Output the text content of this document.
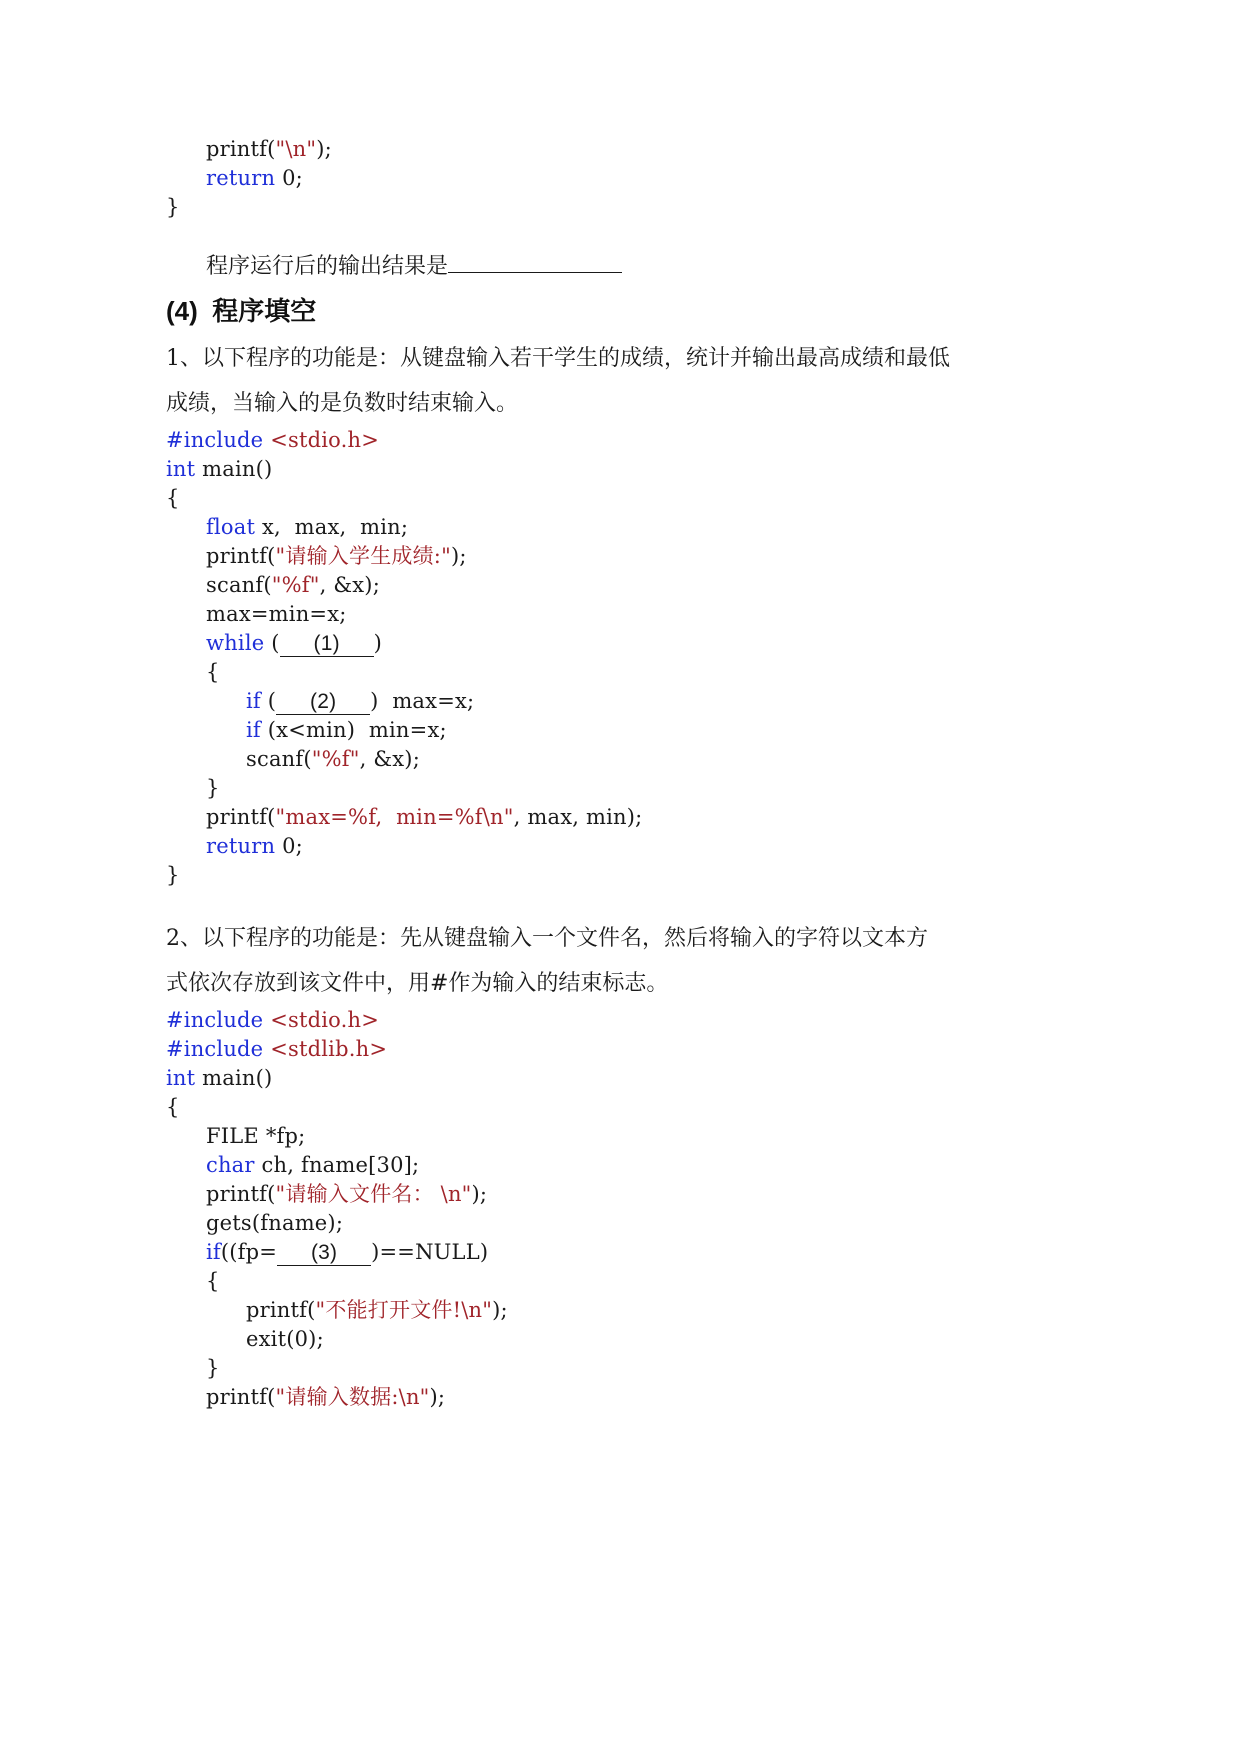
printf("\n");
return 0;
}
程序运行后的输出结果是
(4)  程序填空
1、以下程序的功能是：从键盘输入若干学生的成绩，统计并输出最高成绩和最低
成绩，当输入的是负数时结束输入。
#include <stdio.h>
int main()
{
float x,  max,  min;
printf("请输入学生成绩:");
scanf("%f", &x);
max=min=x;
while ( (1) )
{
if ( (2) )  max=x;
if (x<min)  min=x;
scanf("%f", &x);
}
printf("max=%f,  min=%f\n", max, min);
return 0;
}
2、以下程序的功能是：先从键盘输入一个文件名，然后将输入的字符以文本方
式依次存放到该文件中，用#作为输入的结束标志。
#include <stdio.h>
#include <stdlib.h>
int main()
{
FILE *fp;
char ch, fname[30];
printf("请输入文件名： \n");
gets(fname);
if((fp= (3) )==NULL)
{
printf("不能打开文件!\n");
exit(0);
}
printf("请输入数据:\n");
